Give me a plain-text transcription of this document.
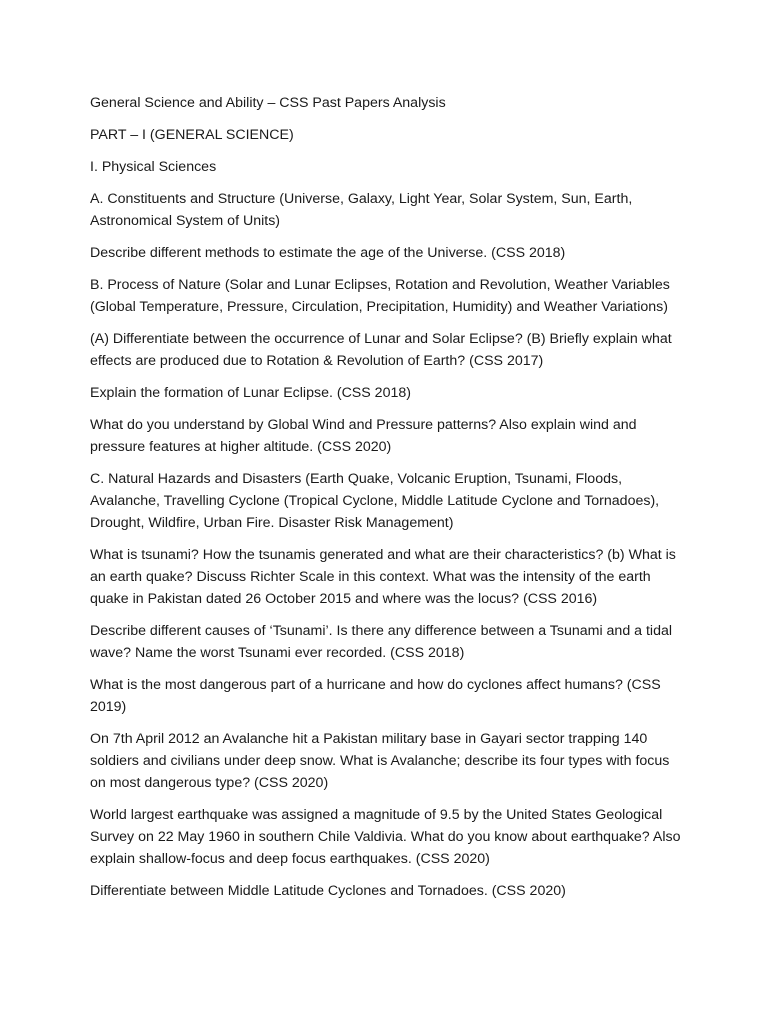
General Science and Ability – CSS Past Papers Analysis

PART – I (GENERAL SCIENCE)

I. Physical Sciences

A. Constituents and Structure (Universe, Galaxy, Light Year, Solar System, Sun, Earth, Astronomical System of Units)

Describe different methods to estimate the age of the Universe. (CSS 2018)

B. Process of Nature (Solar and Lunar Eclipses, Rotation and Revolution, Weather Variables (Global Temperature, Pressure, Circulation, Precipitation, Humidity) and Weather Variations)

(A) Differentiate between the occurrence of Lunar and Solar Eclipse? (B) Briefly explain what effects are produced due to Rotation & Revolution of Earth? (CSS 2017)

Explain the formation of Lunar Eclipse. (CSS 2018)

What do you understand by Global Wind and Pressure patterns? Also explain wind and pressure features at higher altitude. (CSS 2020)

C. Natural Hazards and Disasters (Earth Quake, Volcanic Eruption, Tsunami, Floods, Avalanche, Travelling Cyclone (Tropical Cyclone, Middle Latitude Cyclone and Tornadoes), Drought, Wildfire, Urban Fire. Disaster Risk Management)

What is tsunami? How the tsunamis generated and what are their characteristics? (b) What is an earth quake? Discuss Richter Scale in this context. What was the intensity of the earth quake in Pakistan dated 26 October 2015 and where was the locus? (CSS 2016)

Describe different causes of ‘Tsunami’. Is there any difference between a Tsunami and a tidal wave? Name the worst Tsunami ever recorded. (CSS 2018)

What is the most dangerous part of a hurricane and how do cyclones affect humans? (CSS 2019)

On 7th April 2012 an Avalanche hit a Pakistan military base in Gayari sector trapping 140 soldiers and civilians under deep snow. What is Avalanche; describe its four types with focus on most dangerous type? (CSS 2020)

World largest earthquake was assigned a magnitude of 9.5 by the United States Geological Survey on 22 May 1960 in southern Chile Valdivia. What do you know about earthquake? Also explain shallow-focus and deep focus earthquakes. (CSS 2020)

Differentiate between Middle Latitude Cyclones and Tornadoes. (CSS 2020)
